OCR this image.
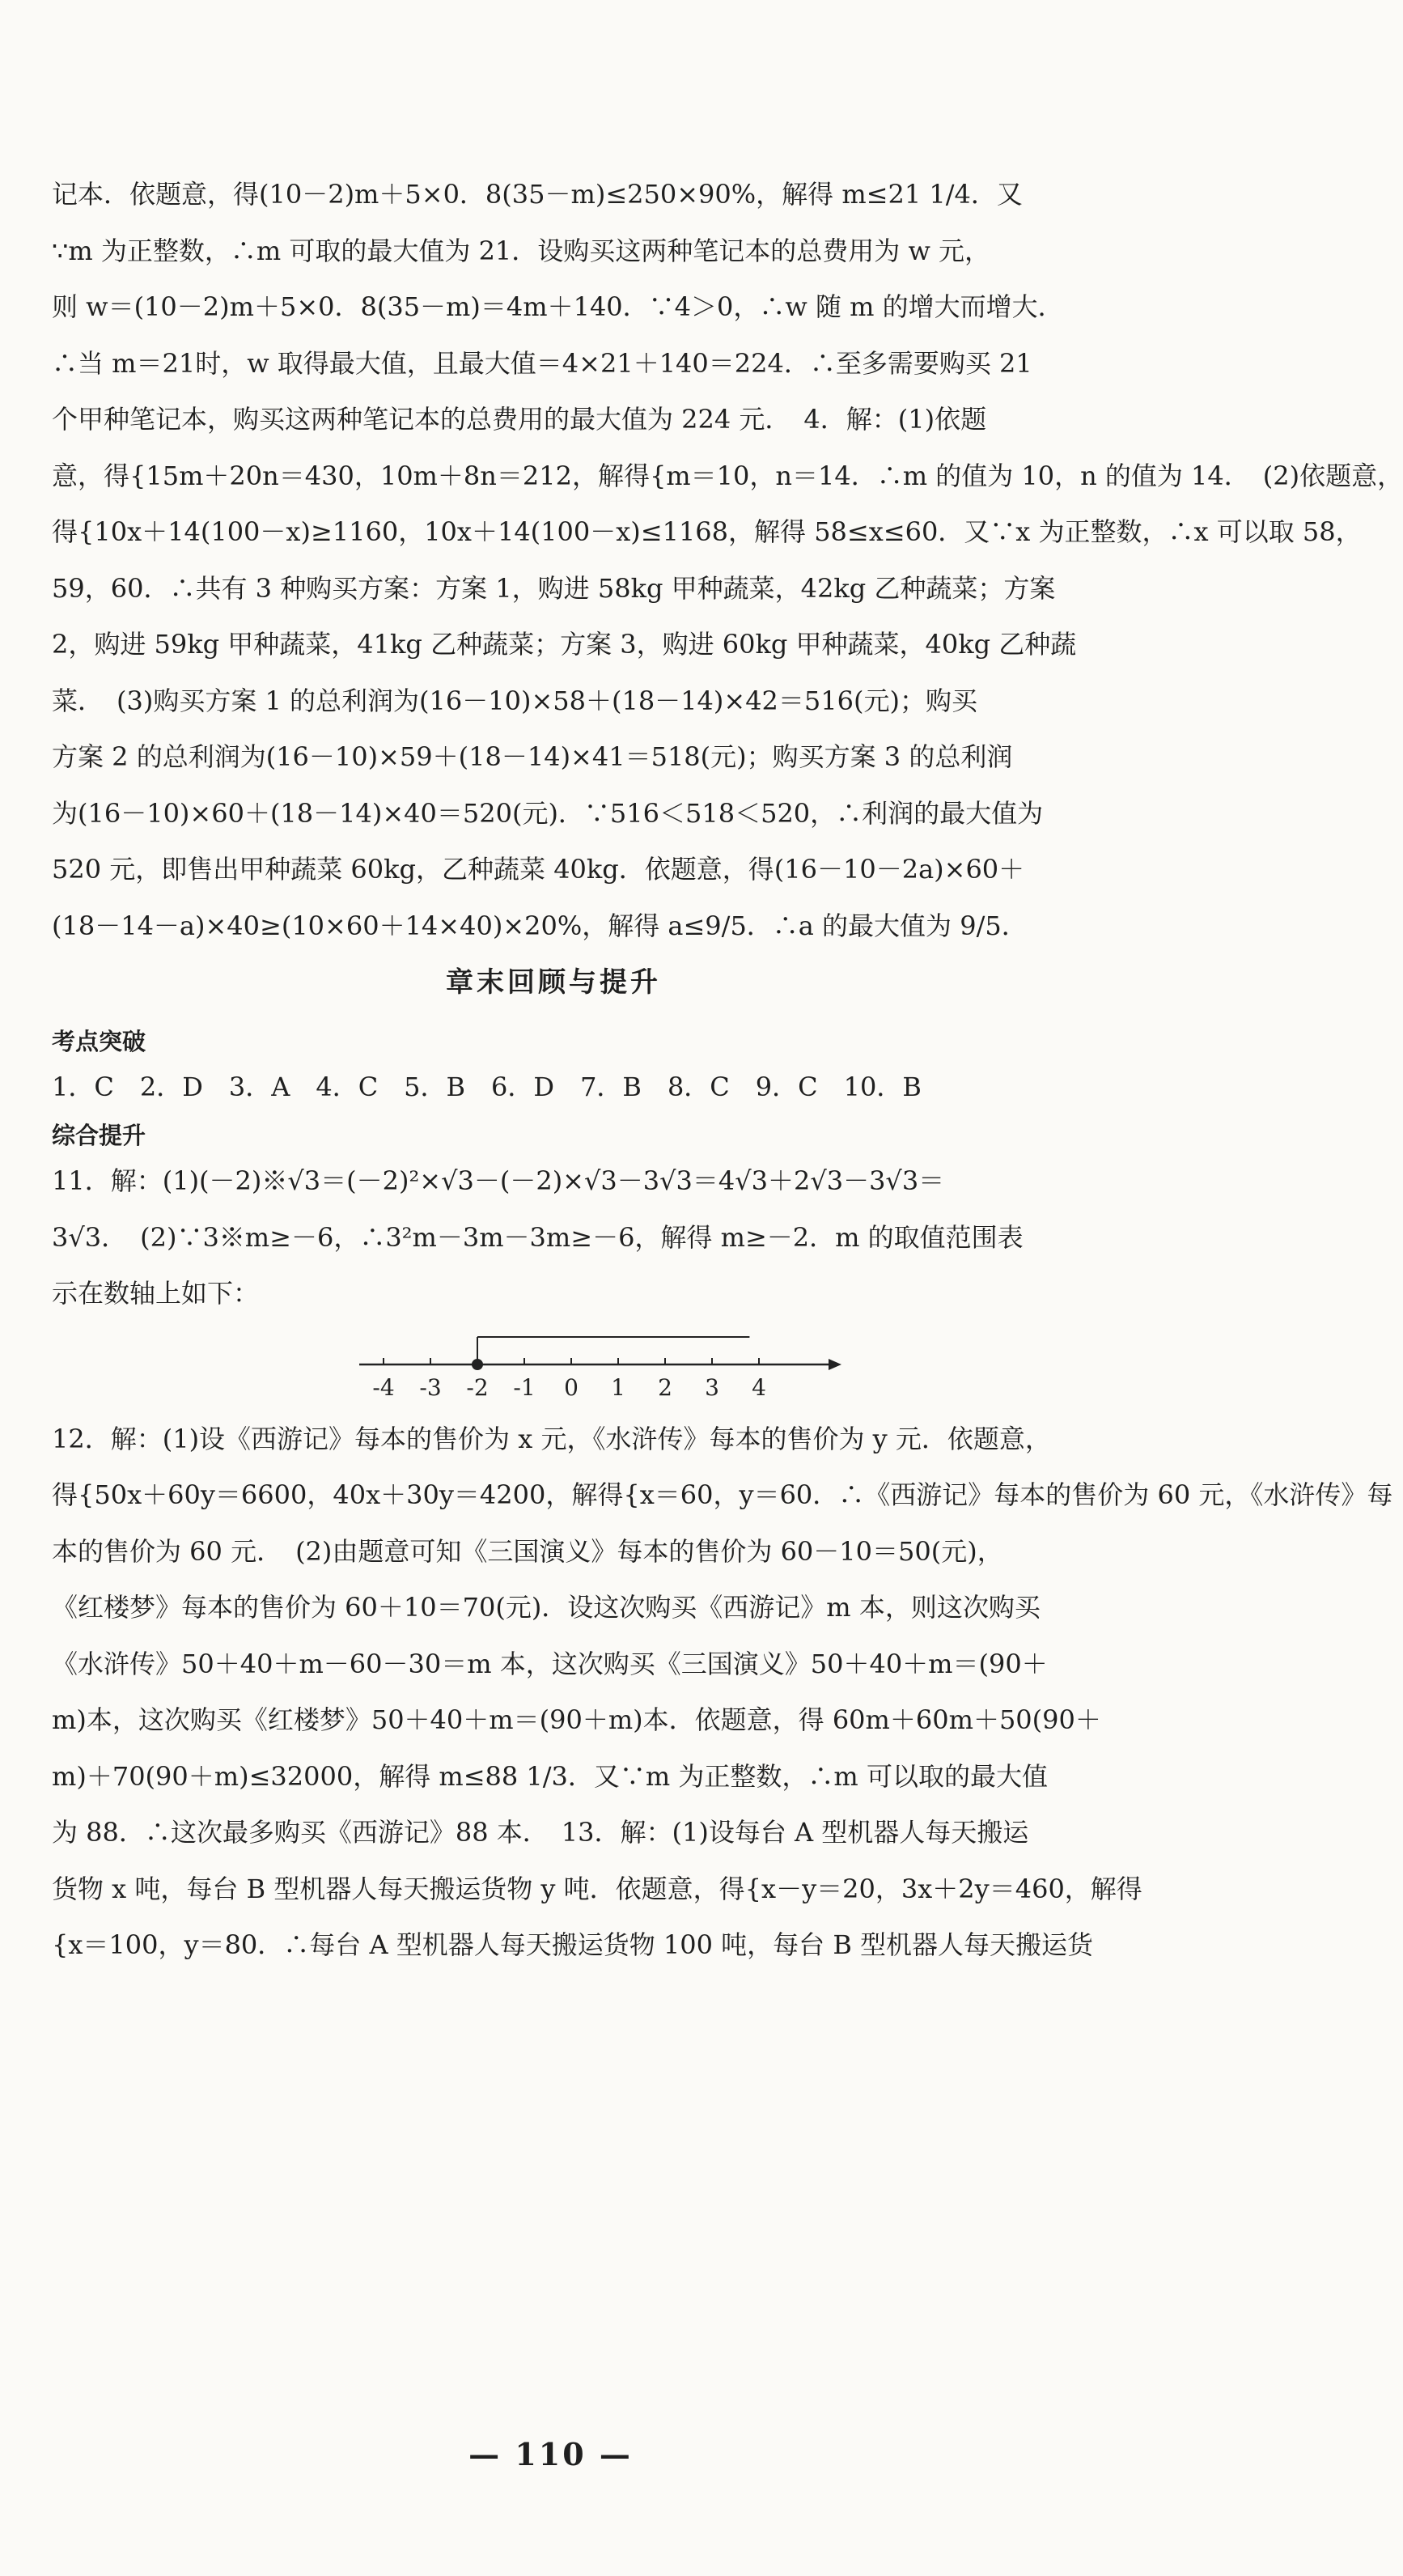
记本．依题意，得(10－2)m＋5×0．8(35－m)≤250×90%，解得 m≤21 1/4．又
∵m 为正整数，∴m 可取的最大值为 21．设购买这两种笔记本的总费用为 w 元，
则 w＝(10－2)m＋5×0．8(35－m)＝4m＋140．∵4＞0，∴w 随 m 的增大而增大．
∴当 m＝21时，w 取得最大值，且最大值＝4×21＋140＝224．∴至多需要购买 21
个甲种笔记本，购买这两种笔记本的总费用的最大值为 224 元．　4．解：(1)依题
意，得{15m＋20n＝430，10m＋8n＝212，解得{m＝10，n＝14．∴m 的值为 10，n 的值为 14．　(2)依题意，
得{10x＋14(100－x)≥1160，10x＋14(100－x)≤1168，解得 58≤x≤60．又∵x 为正整数，∴x 可以取 58，
59，60．∴共有 3 种购买方案：方案 1，购进 58kg 甲种蔬菜，42kg 乙种蔬菜；方案
2，购进 59kg 甲种蔬菜，41kg 乙种蔬菜；方案 3，购进 60kg 甲种蔬菜，40kg 乙种蔬
菜．　(3)购买方案 1 的总利润为(16－10)×58＋(18－14)×42＝516(元)；购买
方案 2 的总利润为(16－10)×59＋(18－14)×41＝518(元)；购买方案 3 的总利润
为(16－10)×60＋(18－14)×40＝520(元)．∵516＜518＜520，∴利润的最大值为
520 元，即售出甲种蔬菜 60kg，乙种蔬菜 40kg．依题意，得(16－10－2a)×60＋
(18－14－a)×40≥(10×60＋14×40)×20%，解得 a≤9/5．∴a 的最大值为 9/5．
章末回顾与提升
考点突破
1．C　2．D　3．A　4．C　5．B　6．D　7．B　8．C　9．C　10．B
综合提升
11．解：(1)(－2)※√3＝(－2)²×√3－(－2)×√3－3√3＝4√3＋2√3－3√3＝
3√3．　(2)∵3※m≥－6，∴3²m－3m－3m≥－6，解得 m≥－2．m 的取值范围表
示在数轴上如下：
-4 -3 -2 -1 0 1 2 3 4
12．解：(1)设《西游记》每本的售价为 x 元，《水浒传》每本的售价为 y 元．依题意，
得{50x＋60y＝6600，40x＋30y＝4200，解得{x＝60，y＝60．∴《西游记》每本的售价为 60 元，《水浒传》每
本的售价为 60 元．　(2)由题意可知《三国演义》每本的售价为 60－10＝50(元)，
《红楼梦》每本的售价为 60＋10＝70(元)．设这次购买《西游记》m 本，则这次购买
《水浒传》50＋40＋m－60－30＝m 本，这次购买《三国演义》50＋40＋m＝(90＋
m)本，这次购买《红楼梦》50＋40＋m＝(90＋m)本．依题意，得 60m＋60m＋50(90＋
m)＋70(90＋m)≤32000，解得 m≤88 1/3．又∵m 为正整数，∴m 可以取的最大值
为 88．∴这次最多购买《西游记》88 本．　13．解：(1)设每台 A 型机器人每天搬运
货物 x 吨，每台 B 型机器人每天搬运货物 y 吨．依题意，得{x－y＝20，3x＋2y＝460，解得
{x＝100，y＝80．∴每台 A 型机器人每天搬运货物 100 吨，每台 B 型机器人每天搬运货
— 110 —
